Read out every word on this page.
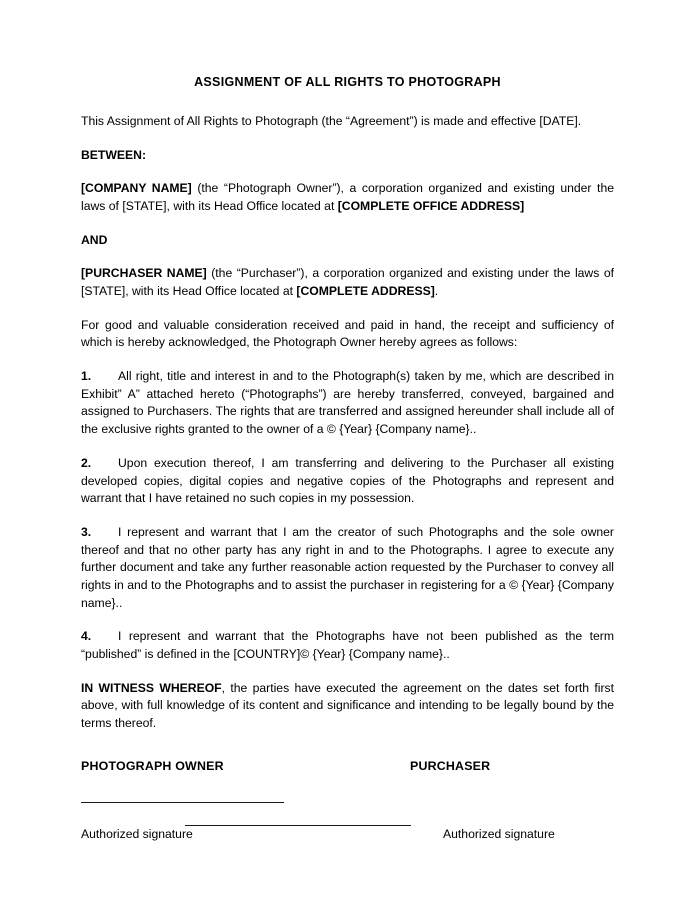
ASSIGNMENT OF ALL RIGHTS TO PHOTOGRAPH

This Assignment of All Rights to Photograph (the “Agreement”) is made and effective [DATE].

BETWEEN:

[COMPANY NAME] (the “Photograph Owner”), a corporation organized and existing under the laws of [STATE], with its Head Office located at [COMPLETE OFFICE ADDRESS]

AND

[PURCHASER NAME] (the “Purchaser”), a corporation organized and existing under the laws of [STATE], with its Head Office located at [COMPLETE ADDRESS].

For good and valuable consideration received and paid in hand, the receipt and sufficiency of which is hereby acknowledged, the Photograph Owner hereby agrees as follows:

1. All right, title and interest in and to the Photograph(s) taken by me, which are described in Exhibit” A” attached hereto (“Photographs”) are hereby transferred, conveyed, bargained and assigned to Purchasers. The rights that are transferred and assigned hereunder shall include all of the exclusive rights granted to the owner of a © {Year} {Company name}..

2. Upon execution thereof, I am transferring and delivering to the Purchaser all existing developed copies, digital copies and negative copies of the Photographs and represent and warrant that I have retained no such copies in my possession.

3. I represent and warrant that I am the creator of such Photographs and the sole owner thereof and that no other party has any right in and to the Photographs. I agree to execute any further document and take any further reasonable action requested by the Purchaser to convey all rights in and to the Photographs and to assist the purchaser in registering for a © {Year} {Company name}..

4. I represent and warrant that the Photographs have not been published as the term “published” is defined in the [COUNTRY]© {Year} {Company name}..

IN WITNESS WHEREOF, the parties have executed the agreement on the dates set forth first above, with full knowledge of its content and significance and intending to be legally bound by the terms thereof.

PHOTOGRAPH OWNER	PURCHASER
Authorized signature	Authorized signature
